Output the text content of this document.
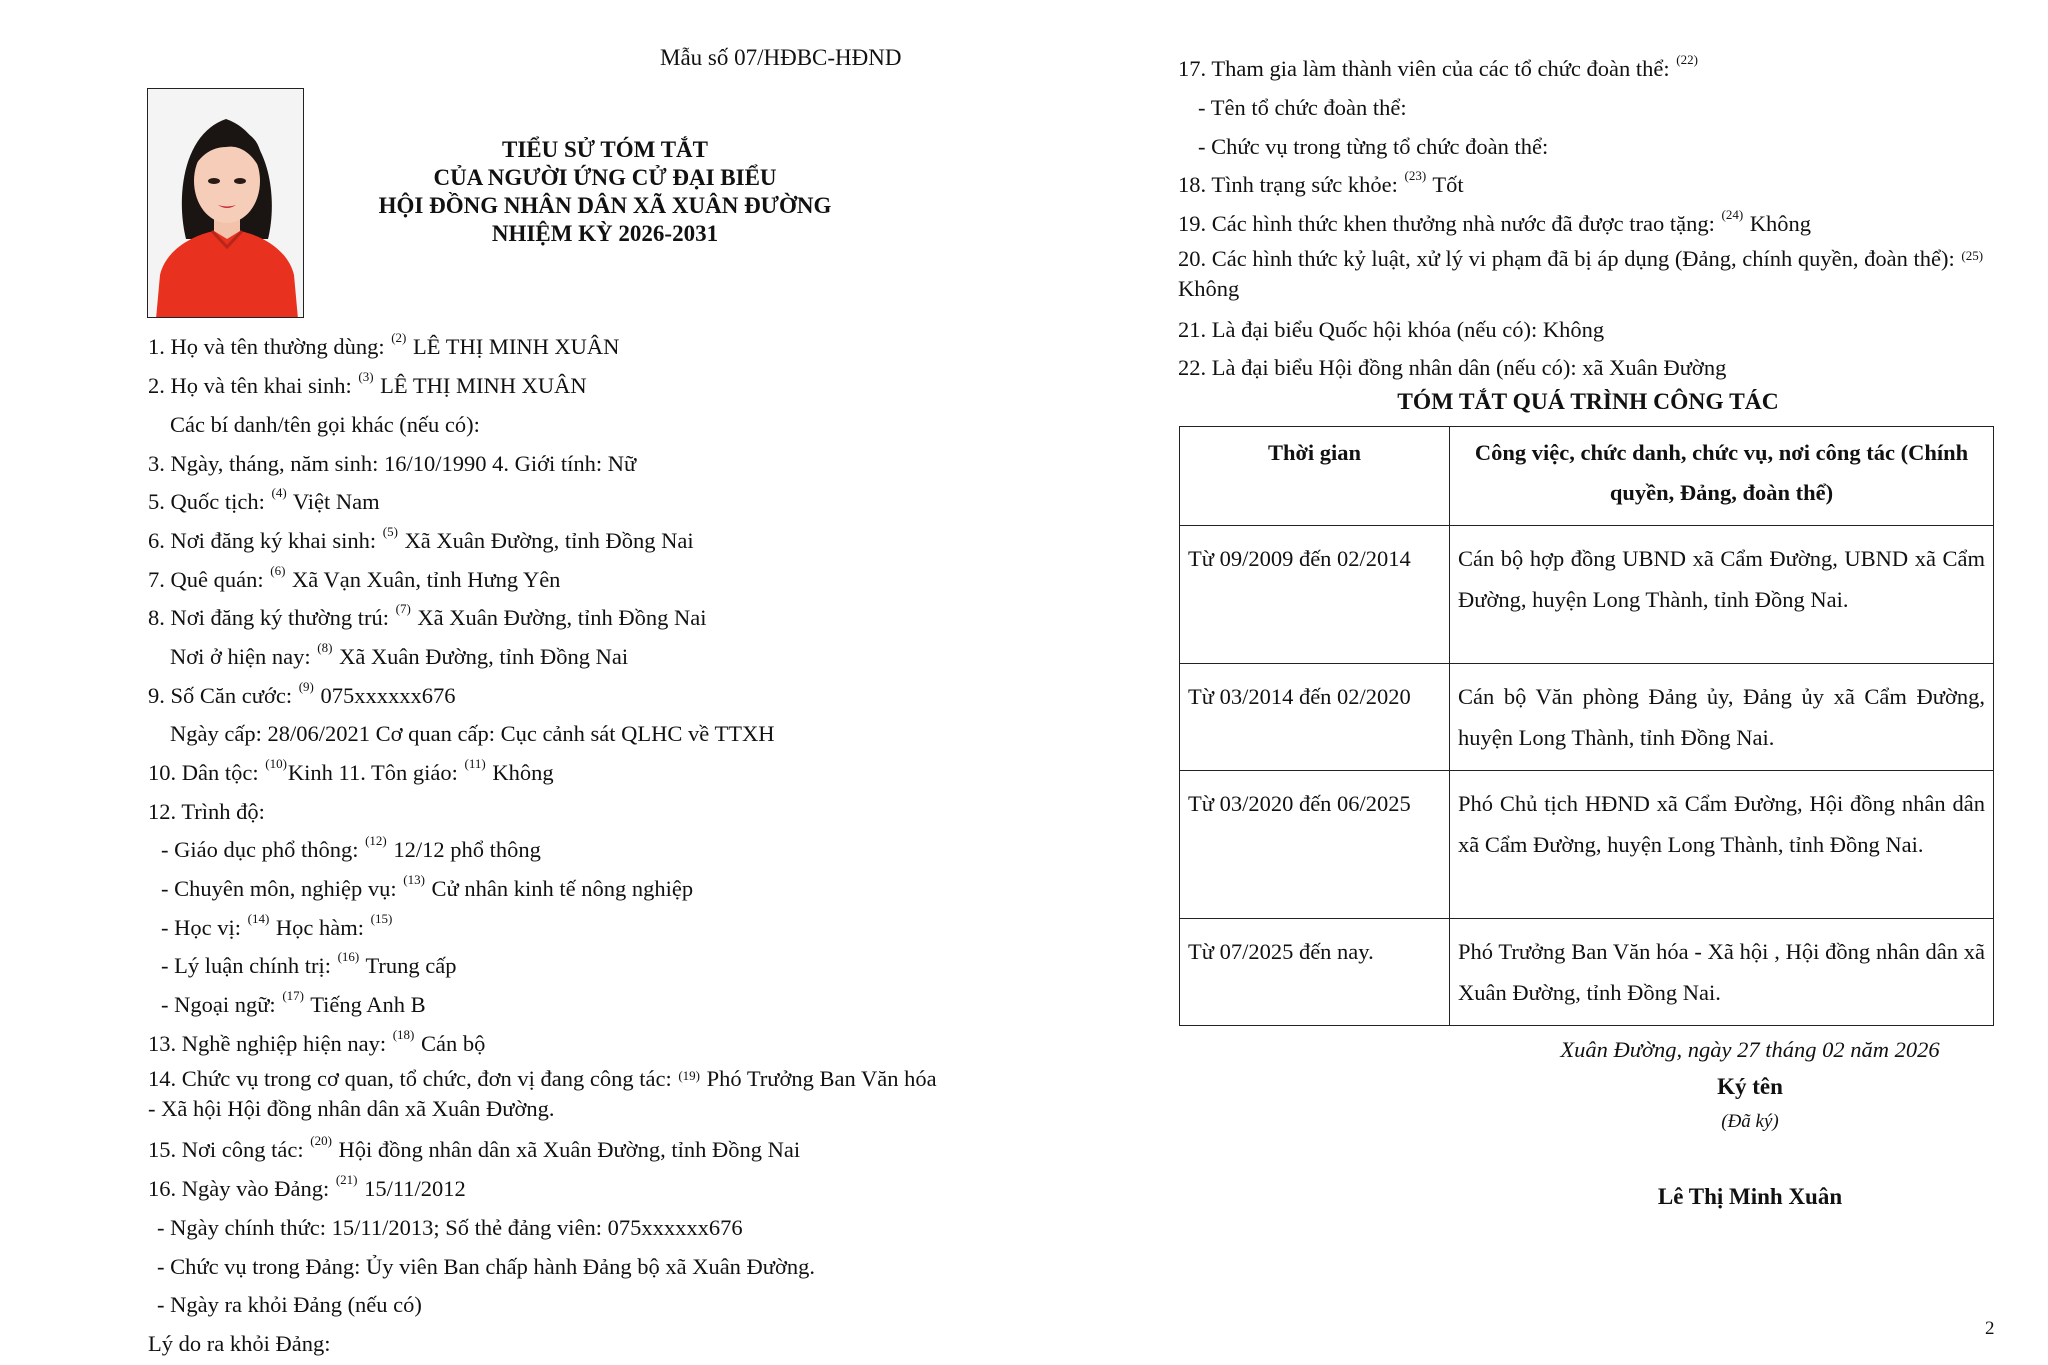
Mẫu số 07/HĐBC-HĐND
TIỂU SỬ TÓM TẮT
CỦA NGƯỜI ỨNG CỬ ĐẠI BIỂU
HỘI ĐỒNG NHÂN DÂN XÃ XUÂN ĐƯỜNG
NHIỆM KỲ 2026-2031
1. Họ và tên thường dùng: $^{(2)}$ LÊ THỊ MINH XUÂN
2. Họ và tên khai sinh: $^{(3)}$ LÊ THỊ MINH XUÂN
Các bí danh/tên gọi khác (nếu có):
3. Ngày, tháng, năm sinh: 16/10/1990 4. Giới tính: Nữ
5. Quốc tịch: $^{(4)}$ Việt Nam
6. Nơi đăng ký khai sinh: $^{(5)}$ Xã Xuân Đường, tỉnh Đồng Nai
7. Quê quán: $^{(6)}$ Xã Vạn Xuân, tỉnh Hưng Yên
8. Nơi đăng ký thường trú: $^{(7)}$ Xã Xuân Đường, tỉnh Đồng Nai
Nơi ở hiện nay: $^{(8)}$ Xã Xuân Đường, tỉnh Đồng Nai
9. Số Căn cước: $^{(9)}$ 075xxxxxx676
Ngày cấp: 28/06/2021 Cơ quan cấp: Cục cảnh sát QLHC về TTXH
10. Dân tộc: $^{(10)}$Kinh 11. Tôn giáo: $^{(11)}$ Không
12. Trình độ:
- Giáo dục phổ thông: $^{(12)}$ 12/12 phổ thông
- Chuyên môn, nghiệp vụ: $^{(13)}$ Cử nhân kinh tế nông nghiệp
- Học vị: $^{(14)}$ Học hàm: $^{(15)}$
- Lý luận chính trị: $^{(16)}$ Trung cấp
- Ngoại ngữ: $^{(17)}$ Tiếng Anh B
13. Nghề nghiệp hiện nay: $^{(18)}$ Cán bộ
14. Chức vụ trong cơ quan, tổ chức, đơn vị đang công tác: $^{(19)}$ Phó Trưởng Ban Văn hóa - Xã hội Hội đồng nhân dân xã Xuân Đường.
15. Nơi công tác: $^{(20)}$ Hội đồng nhân dân xã Xuân Đường, tỉnh Đồng Nai
16. Ngày vào Đảng: $^{(21)}$ 15/11/2012
- Ngày chính thức: 15/11/2013; Số thẻ đảng viên: 075xxxxxx676
- Chức vụ trong Đảng: Ủy viên Ban chấp hành Đảng bộ xã Xuân Đường.
- Ngày ra khỏi Đảng (nếu có)
Lý do ra khỏi Đảng:
17. Tham gia làm thành viên của các tổ chức đoàn thể: $^{(22)}$
- Tên tổ chức đoàn thể:
- Chức vụ trong từng tổ chức đoàn thể:
18. Tình trạng sức khỏe: $^{(23)}$ Tốt
19. Các hình thức khen thưởng nhà nước đã được trao tặng: $^{(24)}$ Không
20. Các hình thức kỷ luật, xử lý vi phạm đã bị áp dụng (Đảng, chính quyền, đoàn thể): $^{(25)}$ Không
21. Là đại biểu Quốc hội khóa (nếu có): Không
22. Là đại biểu Hội đồng nhân dân (nếu có): xã Xuân Đường
TÓM TẮT QUÁ TRÌNH CÔNG TÁC
Thời gian	Công việc, chức danh, chức vụ, nơi công tác (Chính quyền, Đảng, đoàn thể)
Từ 09/2009 đến 02/2014	Cán bộ hợp đồng UBND xã Cẩm Đường, UBND xã Cẩm Đường, huyện Long Thành, tỉnh Đồng Nai.
Từ 03/2014 đến 02/2020	Cán bộ Văn phòng Đảng ủy, Đảng ủy xã Cẩm Đường, huyện Long Thành, tỉnh Đồng Nai.
Từ 03/2020 đến 06/2025	Phó Chủ tịch HĐND xã Cẩm Đường, Hội đồng nhân dân xã Cẩm Đường, huyện Long Thành, tỉnh Đồng Nai.
Từ 07/2025 đến nay.	Phó Trưởng Ban Văn hóa - Xã hội , Hội đồng nhân dân xã Xuân Đường, tỉnh Đồng Nai.
Xuân Đường, ngày 27 tháng 02 năm 2026
Ký tên
(Đã ký)
Lê Thị Minh Xuân
2
